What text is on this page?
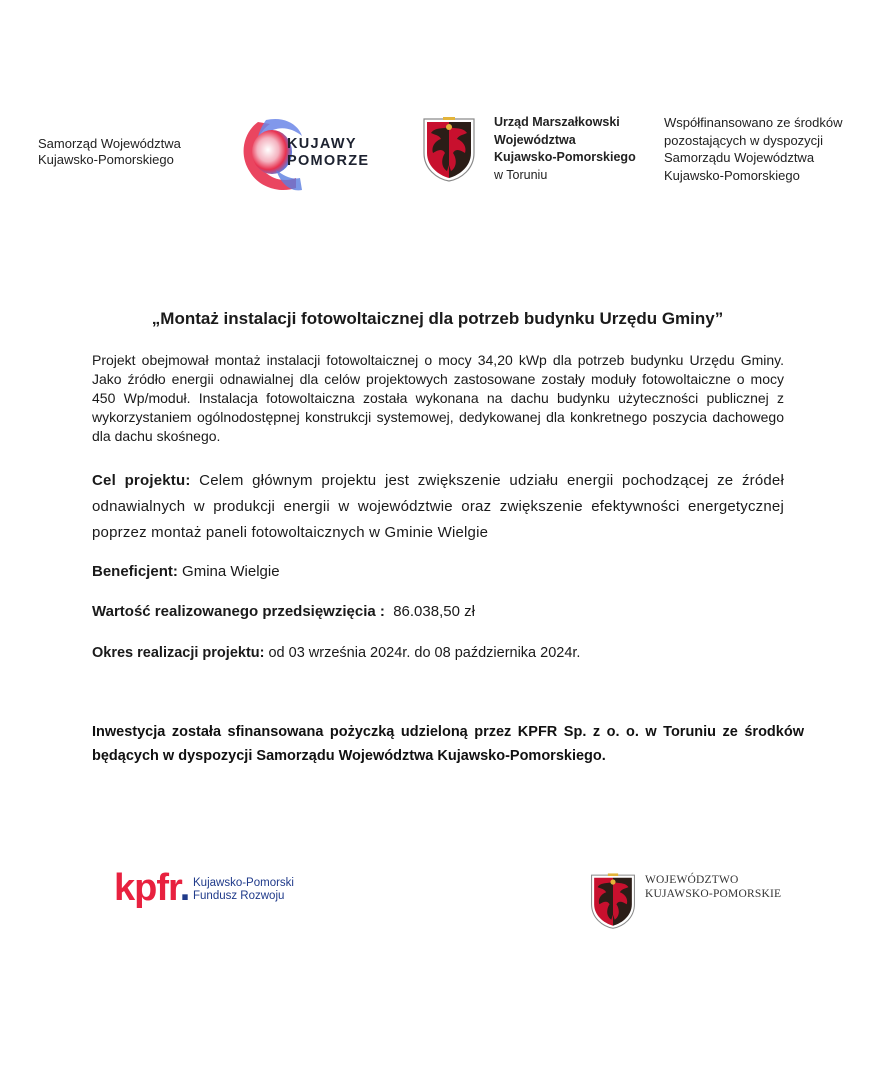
Samorząd Województwa
Kujawsko-Pomorskiego
KUJAWY
POMORZE
Urząd Marszałkowski
Województwa
Kujawsko-Pomorskiego
w Toruniu
Współfinansowano ze środków
pozostających w dyspozycji
Samorządu Województwa
Kujawsko-Pomorskiego
„Montaż instalacji fotowoltaicznej dla potrzeb budynku Urzędu Gminy”
Projekt obejmował montaż instalacji fotowoltaicznej o mocy 34,20 kWp dla potrzeb budynku Urzędu Gminy. Jako źródło energii odnawialnej dla celów projektowych zastosowane zostały moduły fotowoltaiczne o mocy 450 Wp/moduł. Instalacja fotowoltaiczna została wykonana na dachu budynku użyteczności publicznej z wykorzystaniem ogólnodostępnej konstrukcji systemowej, dedykowanej dla konkretnego poszycia dachowego dla dachu skośnego.
Cel projektu: Celem głównym projektu jest zwiększenie udziału energii pochodzącej ze źródeł odnawialnych w produkcji energii w województwie oraz zwiększenie efektywności energetycznej poprzez montaż paneli fotowoltaicznych w Gminie Wielgie
Beneficjent: Gmina Wielgie
Wartość realizowanego przedsięwzięcia :  86.038,50 zł
Okres realizacji projektu: od 03 września 2024r. do 08 października 2024r.
Inwestycja została sfinansowana pożyczką udzieloną przez KPFR Sp. z o. o. w Toruniu ze środków będących w dyspozycji Samorządu Województwa Kujawsko-Pomorskiego.
kpfr. Kujawsko-Pomorski
Fundusz Rozwoju
WOJEWÓDZTWO
KUJAWSKO-POMORSKIE
